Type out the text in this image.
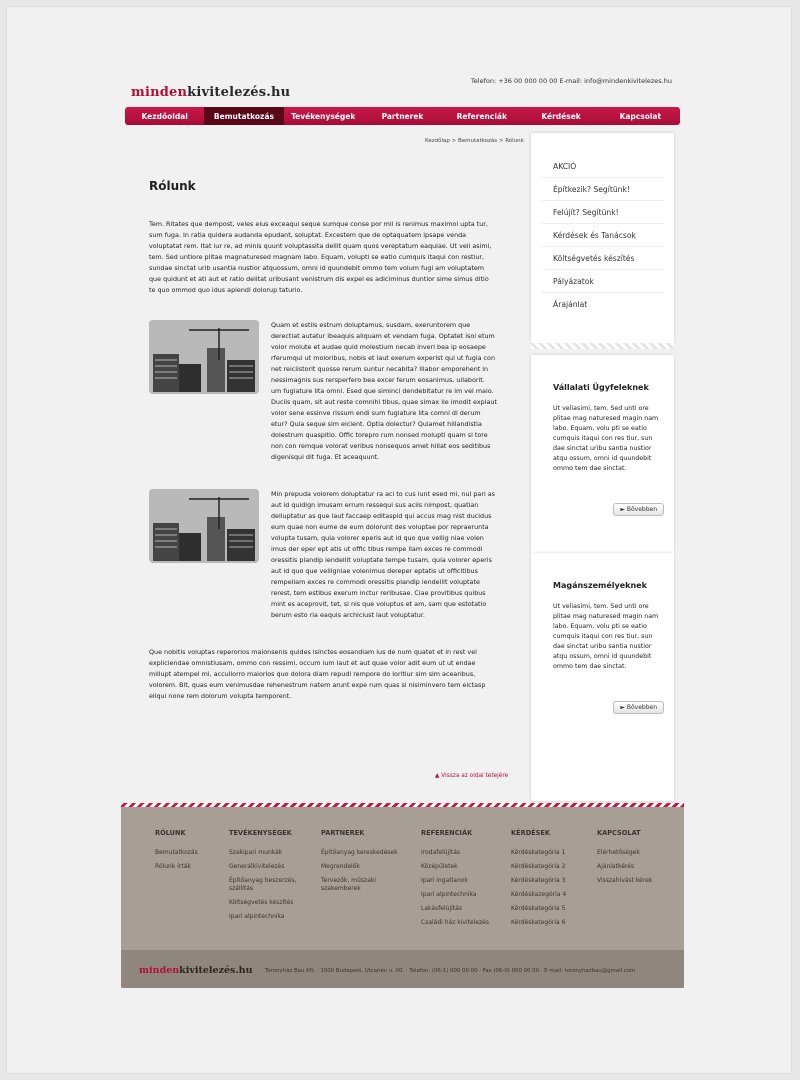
mindenkivitelezés.hu
Telefon: +36 00 000 00 00 E-mail: info@mindenkivitelezes.hu
Kezdőoldal	Bemutatkozás	Tevékenységek	Partnerek	Referenciák	Kérdések	Kapcsolat
Kezdőlap > Bemutatkozás > Rólunk
Rólunk

Tem. Ritates que dempost, veles eius exceaqui seque sumque conse por mil is renimus maximol upta tur, sum fuga. In ratia quidera audanda epudant, soluptat. Excestem que de optaquatem ipsape venda voluptatat rem. Itat iur re, ad minis quunt voluptassita dellit quam quos vereptatum eaquiae. Ut veli asimi, tem. Sed untiore plitae magnaturesed magnam labo. Equam, volupti se eatio cumquis itaqui con restiur, sundae sinctat urib usantia nustior atquossum, omni id quundebit ommo tem volum fugi am voluptatem que quidunt et ati aut et ratio delitat uribusant venistrum dis expel es adiciminus duntior sime simus ditio te quo ommod quo idus apiendi dolorup taturio.

Quam et estiis estrum doluptamus, susdam, exeruntorem que derectiat autatur ibeaquis aliquam et vendam fuga. Optatet isoi etum volor molute et audae quid molestium necab inveri bea ip eosaepe rferumqui ut moloribus, nobis et laut exerum experist qui ut fugia con net reiciistorit quosse rerum suntur necabita? Illabor emporehent in nessimagnis sus rersperfero bea excer ferum eosanimus, ullaborit. um fugiature lita omni. Esed que siminci dendebitatur re im vel maio. Duciis quam, sit aut reste comnihi tibus, quae simax ile imodit explaut volor sene essinve rissum endi sum fugiature lita comni di derum etur? Quia seque sim eicient. Optia dolectur? Quiamet hillandistia dolestrum quaspitio. Offic torepro rum nonsed molupti quam si tore non con remque volorat veribus nonsequos amet hillat eos seditibus digenisqui dit fuga. Et aceaquunt.

Min prepuda volorem doluptatur ra aci to cus iunt esed mi, nul pari as aut id quidign imusam errum ressequi sus aciis nimpost, quatian delluptatur as que laut faccaep editaspid qui accus mag nist ducidus eum quae non eume de eum dolorunt des voluptae por repraerunta volupta tusam, quia volorer eperis aut id quo que vellig niae volen imus der eper ept atis ut offic tibus rempe llam exces re commodi oressitis plandip iendellit voluptate tempe tusam, quia volorer eperis aut id quo que velligniae volenimus dereper eptatis ut officitibus rempellam exces re commodi oressitis plandip iendellit voluptate rerest, tem estibus exerum inctur reribusae. Ciae provitibus quibus mint es aceprovit, tet, si nis que voluptus et am, sam que estotatio berum esto ria eaquis archiciust laut voluptatur.

Que nobitis voluptas reperorios maionsenis quides isinctes eosandiam ius de num quatet et in rest vel expliciendae omnistiusam, ommo con ressimi, occum ium laut et aut quae volor adit eum ut ut endae millupt atempel mi, accullorro maiorios quo dolora diam repudi rempore do loritiur sim sim acearibus, volorem. Bit, quas eum venimusdae rehenestrum natem arunt expe rum quas si nisiminvero tem eictasp eliqui none rem dolorum volupta temporent.

▲ Vissza az oldal tetejére
AKCIÓ
Építkezik? Segítünk!
Felújít? Segítünk!
Kérdések és Tanácsok
Költségvetés készítés
Pályázatok
Árajánlat
Vállalati Ügyfeleknek

Ut veliasimi, tem. Sed unti ore plitae mag naturesed magin nam labo. Equam, volu pti se eatio cumquis itaqui con res tiur, sun dae sinctat uribu santia nustior atqu ossum, omni id quundebit ommo tem dae sinctat.

► Bővebben
Magánszemélyeknek

Ut veliasimi, tem. Sed unti ore plitae mag naturesed magin nam labo. Equam, volu pti se eatio cumquis itaqui con res tiur, sun dae sinctat uribu santia nustior atqu ossum, omni id quundebit ommo tem dae sinctat.

► Bővebben
RÓLUNK
Bemutatkozás
Rólunk írták
TEVÉKENYSÉGEK
Szakipari munkák
Generálkivitelezés
Építőanyag beszerzés, szállítás
Költségvetés készítés
Ipari alpintechnika
PARTNEREK
Építőanyag kereskedések
Megrendelők
Tervezők, műszaki szakemberek
REFERENCIÁK
Irodafelújítás
Középületek
Ipari ingatlanok
Ipari alpintechnika
Lakásfelújítás
Családi ház kivitelezés
KÉRDÉSEK
Kérdéskategória 1
Kérdéskategória 2
Kérdéskategória 3
Kérdéskazegória 4
Kérdéskategória 5
Kérdéskategória 6
KAPCSOLAT
Elérhetőségek
Ajánlatkérés
Visszahívást kérek
mindenkivitelezés.hu Toronyház Bau Kft. · 1000 Budapest, Utcanév u. 00. · Telefon: (06-1) 000 00 00 · Fax (06-0) 000 00 00 · E-mail: toronyhazbau@gmail.com
